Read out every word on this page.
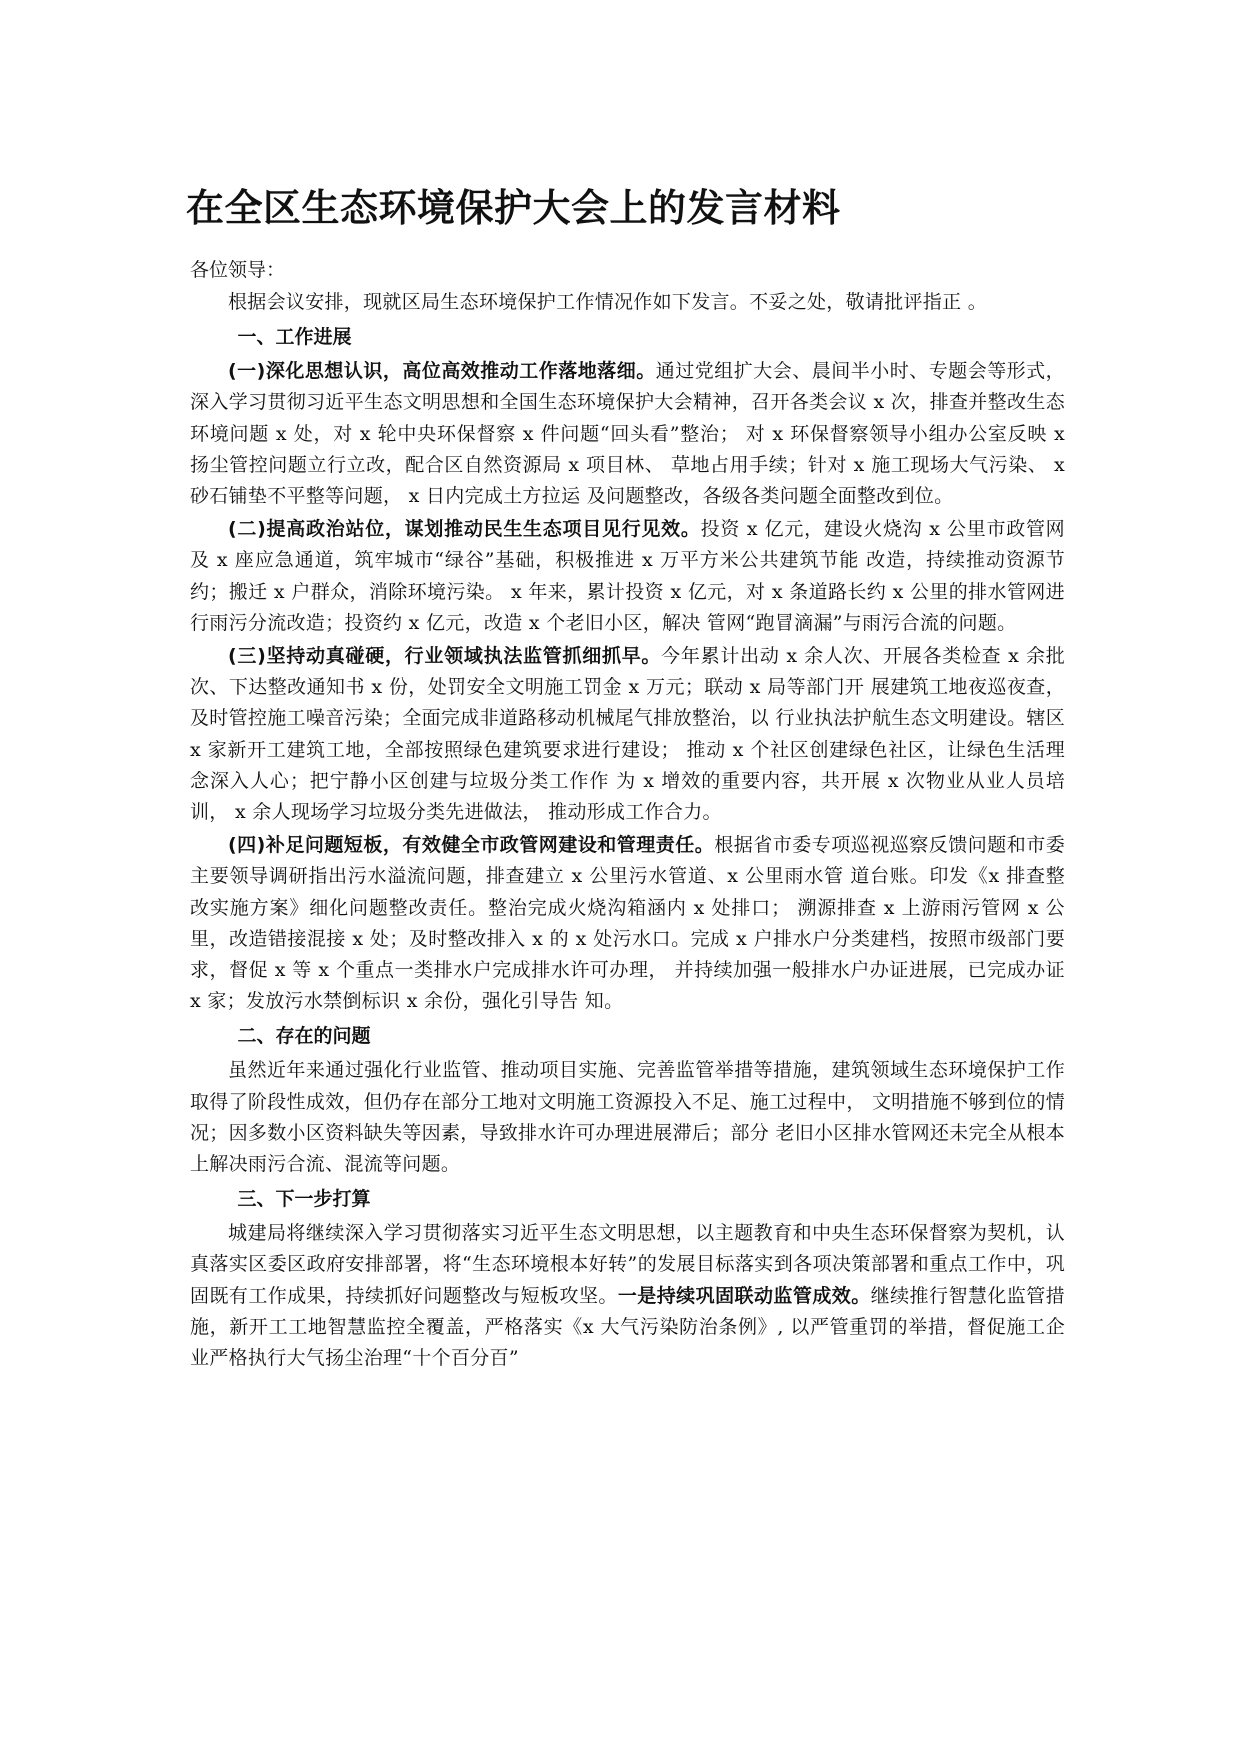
在全区生态环境保护大会上的发言材料
各位领导：

根据会议安排，现就区局生态环境保护工作情况作如下发言。不妥之处，敬请批评指正 。

一、工作进展

(一)深化思想认识，高位高效推动工作落地落细。通过党组扩大会、晨间半小时、专题会等形式，深入学习贯彻习近平生态文明思想和全国生态环境保护大会精神，召开各类会议 x 次，排查并整改生态环境问题 x 处，对 x 轮中央环保督察 x 件问题“回头看”整治； 对 x 环保督察领导小组办公室反映 x 扬尘管控问题立行立改，配合区自然资源局 x 项目林、 草地占用手续；针对 x 施工现场大气污染、 x 砂石铺垫不平整等问题， x 日内完成土方拉运 及问题整改，各级各类问题全面整改到位。

(二)提高政治站位，谋划推动民生生态项目见行见效。投资 x 亿元，建设火烧沟 x 公里市政管网及 x 座应急通道，筑牢城市“绿谷”基础，积极推进 x 万平方米公共建筑节能 改造，持续推动资源节约；搬迁 x 户群众，消除环境污染。 x 年来，累计投资 x 亿元，对 x 条道路长约 x 公里的排水管网进行雨污分流改造；投资约 x 亿元，改造 x 个老旧小区，解决 管网“跑冒滴漏”与雨污合流的问题。

(三)坚持动真碰硬，行业领域执法监管抓细抓早。今年累计出动 x 余人次、开展各类检查 x 余批次、下达整改通知书 x 份，处罚安全文明施工罚金 x 万元；联动 x 局等部门开 展建筑工地夜巡夜查，及时管控施工噪音污染；全面完成非道路移动机械尾气排放整治，以 行业执法护航生态文明建设。辖区 x 家新开工建筑工地，全部按照绿色建筑要求进行建设； 推动 x 个社区创建绿色社区，让绿色生活理念深入人心；把宁静小区创建与垃圾分类工作作 为 x 增效的重要内容，共开展 x 次物业从业人员培训， x 余人现场学习垃圾分类先进做法， 推动形成工作合力。

(四)补足问题短板，有效健全市政管网建设和管理责任。根据省市委专项巡视巡察反馈问题和市委主要领导调研指出污水溢流问题，排查建立 x 公里污水管道、x 公里雨水管 道台账。印发《x 排查整改实施方案》细化问题整改责任。整治完成火烧沟箱涵内 x 处排口； 溯源排查 x 上游雨污管网 x 公里，改造错接混接 x 处；及时整改排入 x 的 x 处污水口。完成 x 户排水户分类建档，按照市级部门要求，督促 x 等 x 个重点一类排水户完成排水许可办理， 并持续加强一般排水户办证进展，已完成办证 x 家；发放污水禁倒标识 x 余份，强化引导告 知。

二、存在的问题

虽然近年来通过强化行业监管、推动项目实施、完善监管举措等措施，建筑领域生态环境保护工作取得了阶段性成效，但仍存在部分工地对文明施工资源投入不足、施工过程中， 文明措施不够到位的情况；因多数小区资料缺失等因素，导致排水许可办理进展滞后；部分 老旧小区排水管网还未完全从根本上解决雨污合流、混流等问题。

三、下一步打算

城建局将继续深入学习贯彻落实习近平生态文明思想，以主题教育和中央生态环保督察为契机，认真落实区委区政府安排部署，将“生态环境根本好转”的发展目标落实到各项决策部署和重点工作中，巩固既有工作成果，持续抓好问题整改与短板攻坚。一是持续巩固联动监管成效。继续推行智慧化监管措施，新开工工地智慧监控全覆盖，严格落实《x 大气污染防治条例》, 以严管重罚的举措，督促施工企业严格执行大气扬尘治理“十个百分百”
